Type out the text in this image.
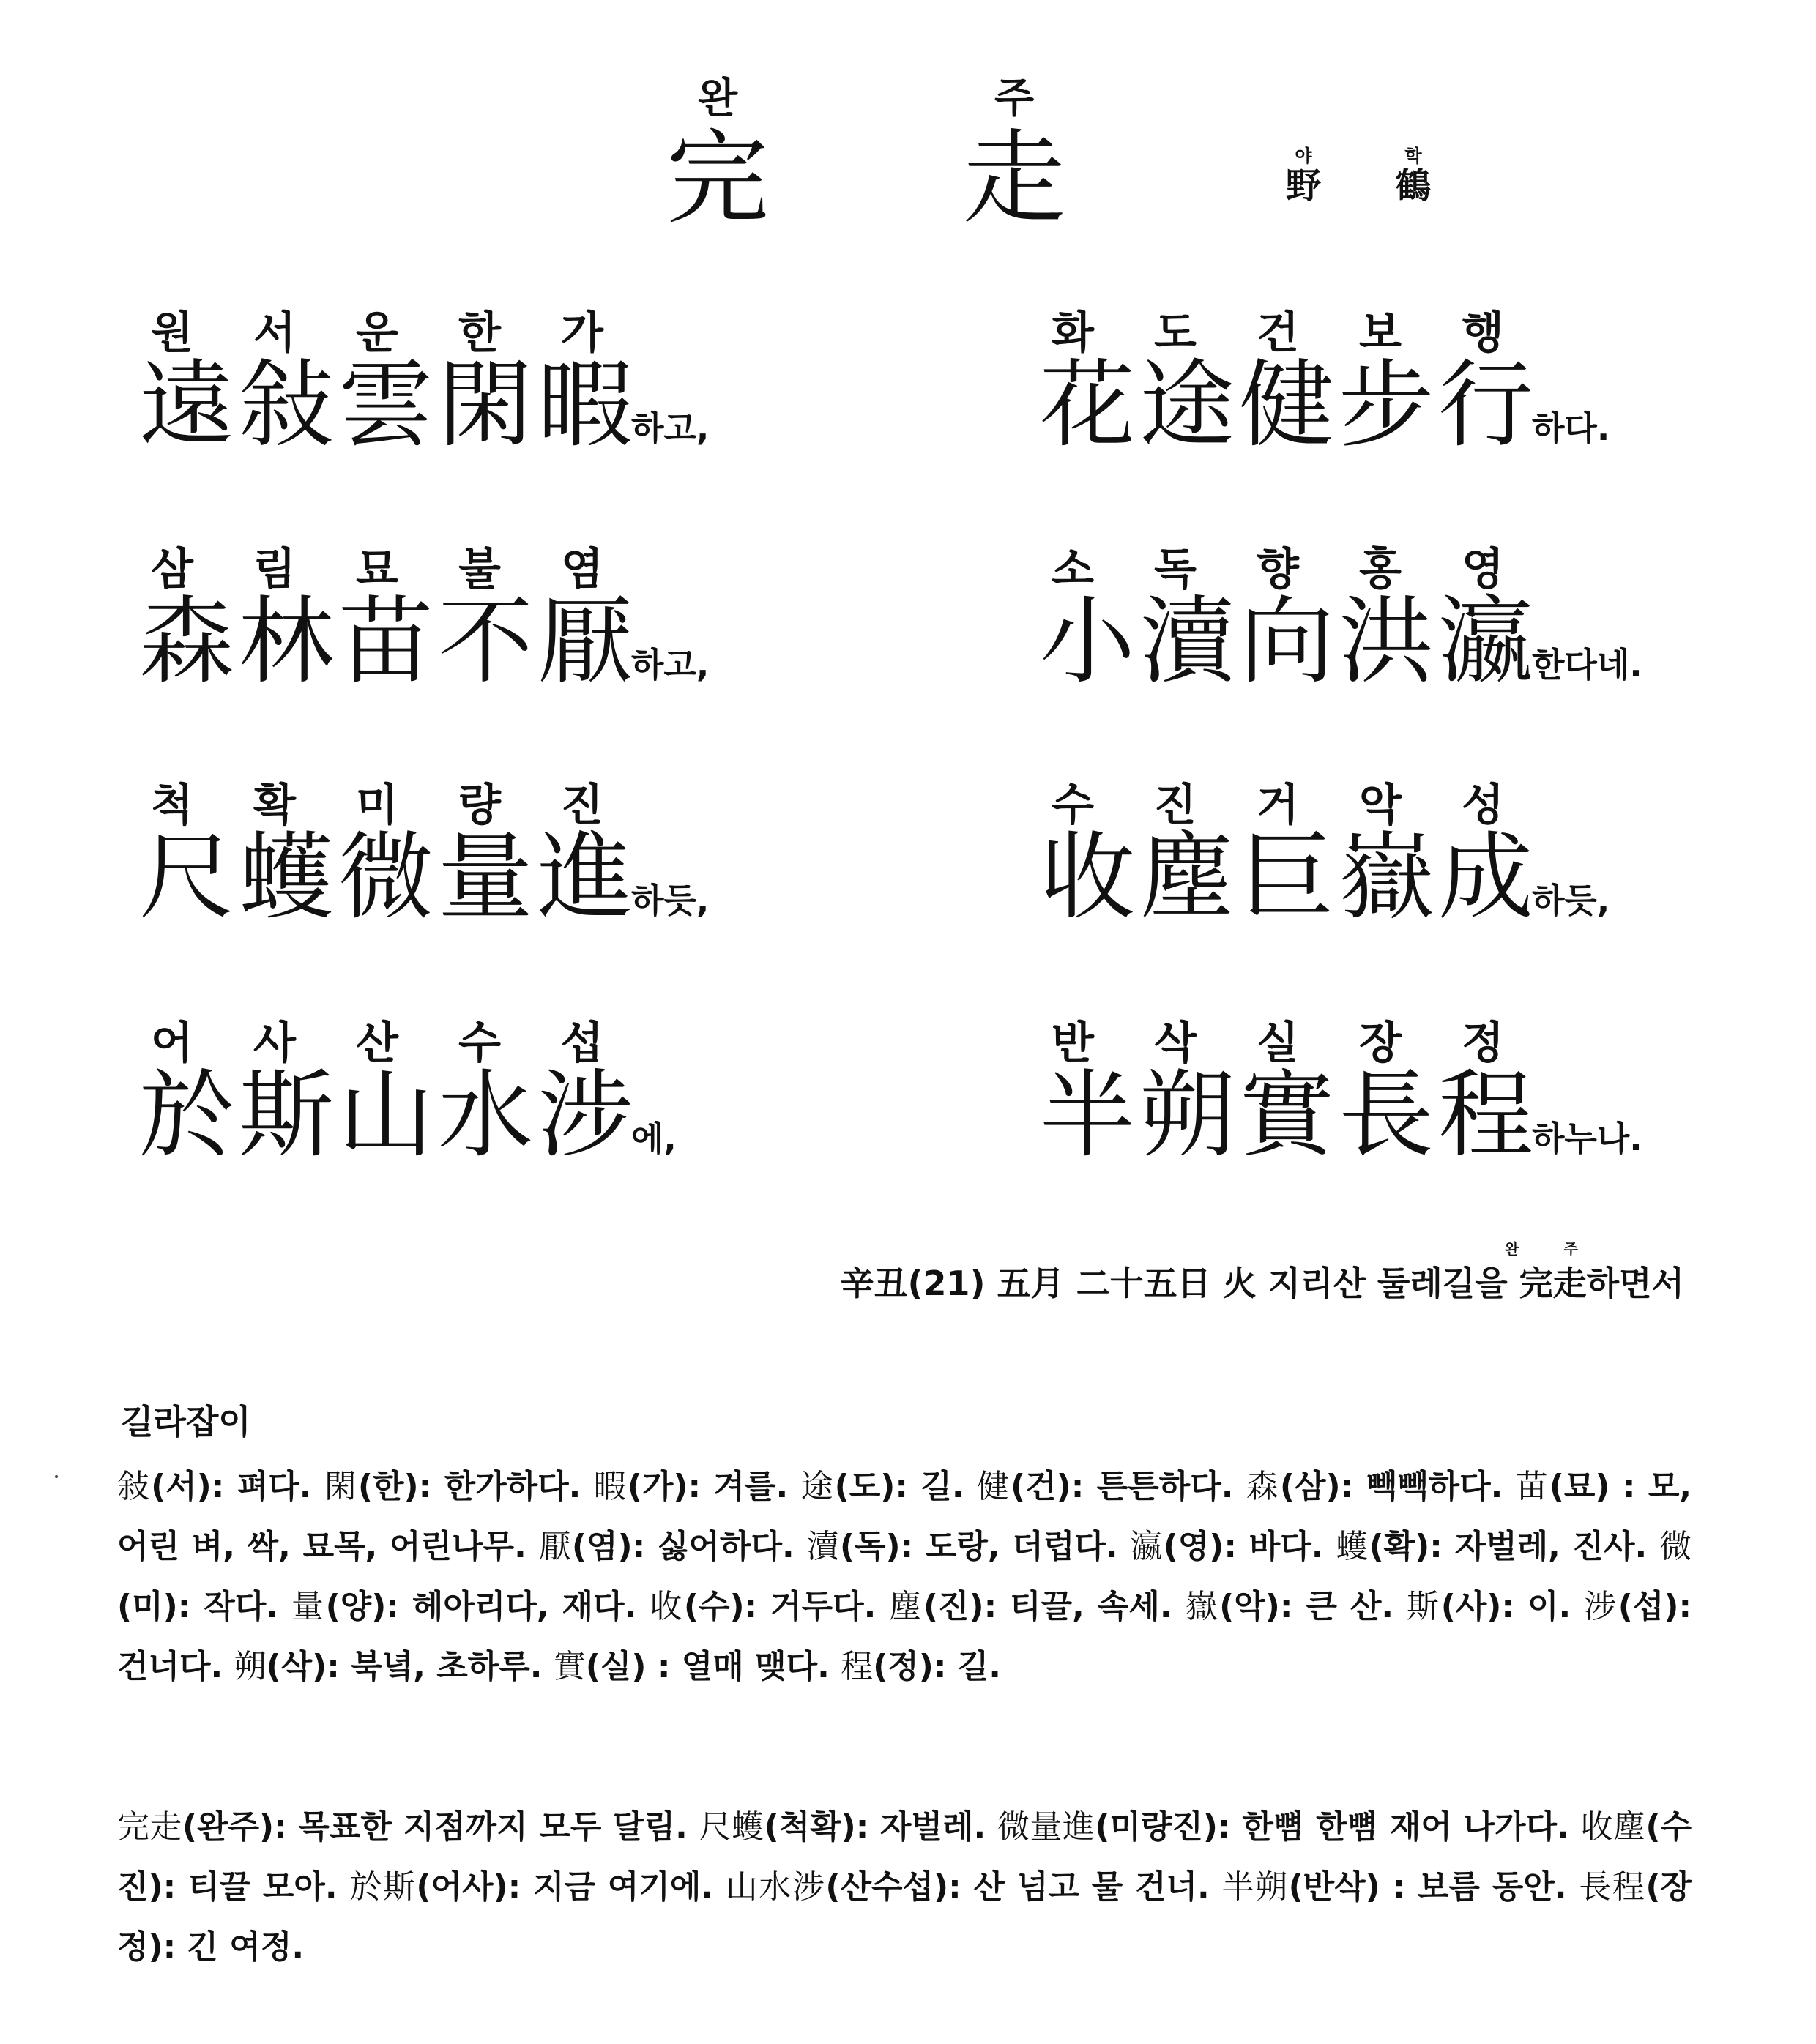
완
完
주
走	야
野
학
鶴
원 서 운 한 가
遠敍雲閑暇
하고,
삼 림 묘 불 염
森林苗不厭
하고,
척 확 미 량 진
尺蠖微量進
하듯,
어 사 산 수 섭
於斯山水涉
에,
화 도 건 보 행
花途健步行
하다.
소 독 향 홍 영
小瀆向洪瀛
한다네.
수 진 거 악 성
收塵巨嶽成
하듯,
반 삭 실 장 정
半朔實長程
하누나.
완	주
辛丑(21) 五月 二十五日 火 지리산 둘레길을 完走하면서
길라잡이
敍(서): 펴다. 閑(한): 한가하다. 暇(가): 겨를. 途(도): 길. 健(건): 튼튼하다. 森(삼): 빽빽하다. 苗(묘) : 모, 어린 벼, 싹, 묘목, 어린나무. 厭(염): 싫어하다. 瀆(독): 도랑, 더럽다. 瀛(영): 바다. 蠖(확): 자벌레, 진사. 微(미): 작다. 量(양): 헤아리다, 재다. 收(수): 거두다. 塵(진): 티끌, 속세. 嶽(악): 큰 산. 斯(사): 이. 涉(섭): 건너다. 朔(삭): 북녘, 초하루. 實(실) : 열매 맺다. 程(정): 길.
完走(완주): 목표한 지점까지 모두 달림. 尺蠖(척확): 자벌레. 微量進(미량진): 한뼘 한뼘 재어 나가다. 收塵(수진): 티끌 모아. 於斯(어사): 지금 여기에. 山水涉(산수섭): 산 넘고 물 건너. 半朔(반삭) : 보름 동안. 長程(장정): 긴 여정.
